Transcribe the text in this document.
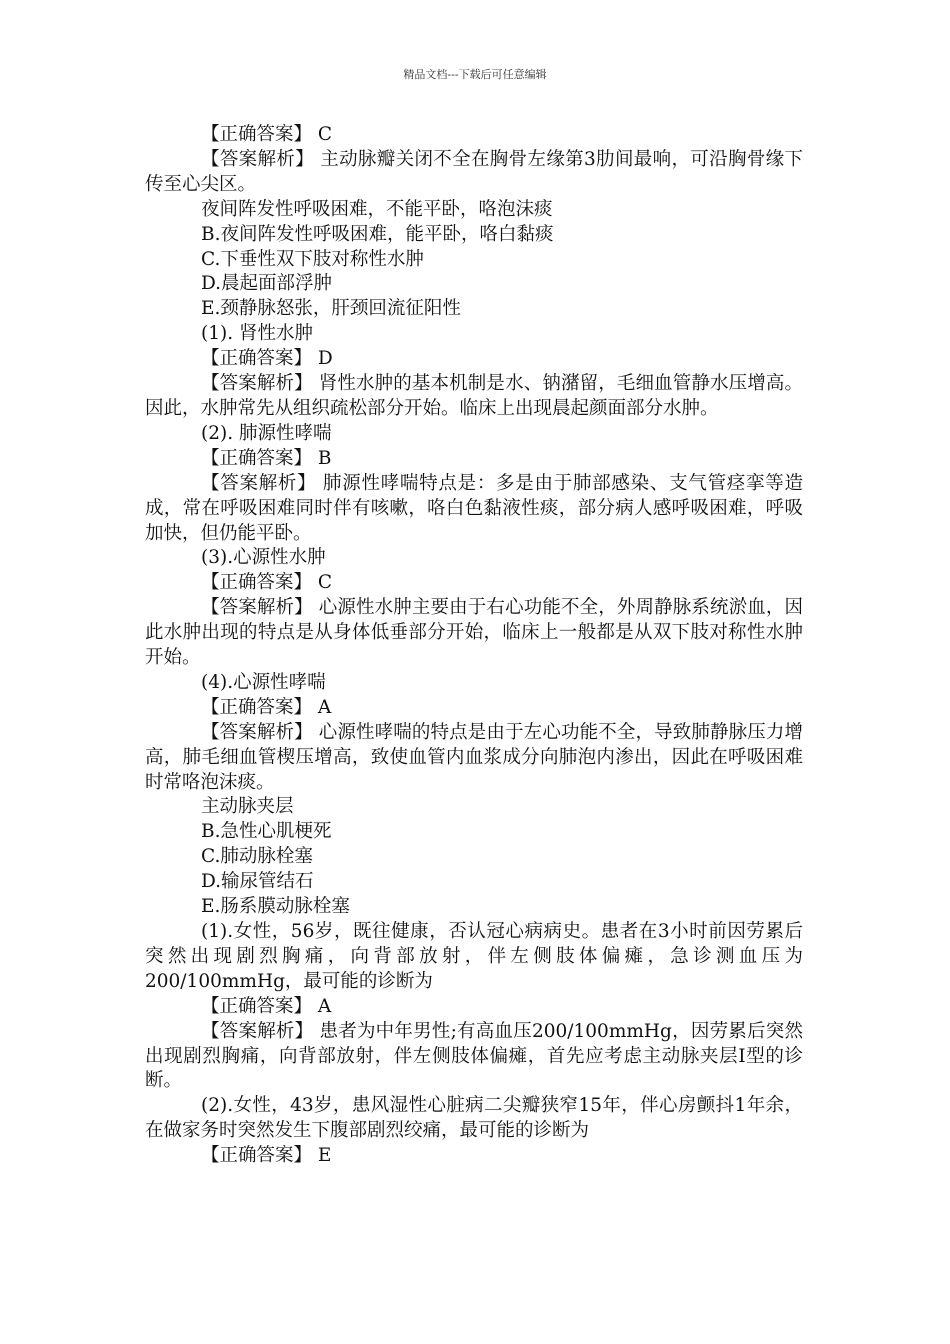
精品文档---下载后可任意编辑

【正确答案】 C

【答案解析】 主动脉瓣关闭不全在胸骨左缘第3肋间最响，可沿胸骨缘下传至心尖区。

夜间阵发性呼吸困难，不能平卧，咯泡沫痰

B.夜间阵发性呼吸困难，能平卧，咯白黏痰

C.下垂性双下肢对称性水肿

D.晨起面部浮肿

E.颈静脉怒张，肝颈回流征阳性

(1). 肾性水肿

【正确答案】 D

【答案解析】 肾性水肿的基本机制是水、钠潴留，毛细血管静水压增高。因此，水肿常先从组织疏松部分开始。临床上出现晨起颜面部分水肿。

(2). 肺源性哮喘

【正确答案】 B

【答案解析】 肺源性哮喘特点是：多是由于肺部感染、支气管痉挛等造成，常在呼吸困难同时伴有咳嗽，咯白色黏液性痰，部分病人感呼吸困难，呼吸加快，但仍能平卧。

(3).心源性水肿

【正确答案】 C

【答案解析】 心源性水肿主要由于右心功能不全，外周静脉系统淤血，因此水肿出现的特点是从身体低垂部分开始，临床上一般都是从双下肢对称性水肿开始。

(4).心源性哮喘

【正确答案】 A

【答案解析】 心源性哮喘的特点是由于左心功能不全，导致肺静脉压力增高，肺毛细血管楔压增高，致使血管内血浆成分向肺泡内渗出，因此在呼吸困难时常咯泡沫痰。

主动脉夹层

B.急性心肌梗死

C.肺动脉栓塞

D.输尿管结石

E.肠系膜动脉栓塞

(1).女性，56岁，既往健康，否认冠心病病史。患者在3小时前因劳累后突然出现剧烈胸痛，向背部放射，伴左侧肢体偏瘫，急诊测血压为200/100mmHg，最可能的诊断为

【正确答案】 A

【答案解析】 患者为中年男性;有高血压200/100mmHg，因劳累后突然出现剧烈胸痛，向背部放射，伴左侧肢体偏瘫，首先应考虑主动脉夹层Ⅰ型的诊断。

(2).女性，43岁，患风湿性心脏病二尖瓣狭窄15年，伴心房颤抖1年余，在做家务时突然发生下腹部剧烈绞痛，最可能的诊断为

【正确答案】 E
